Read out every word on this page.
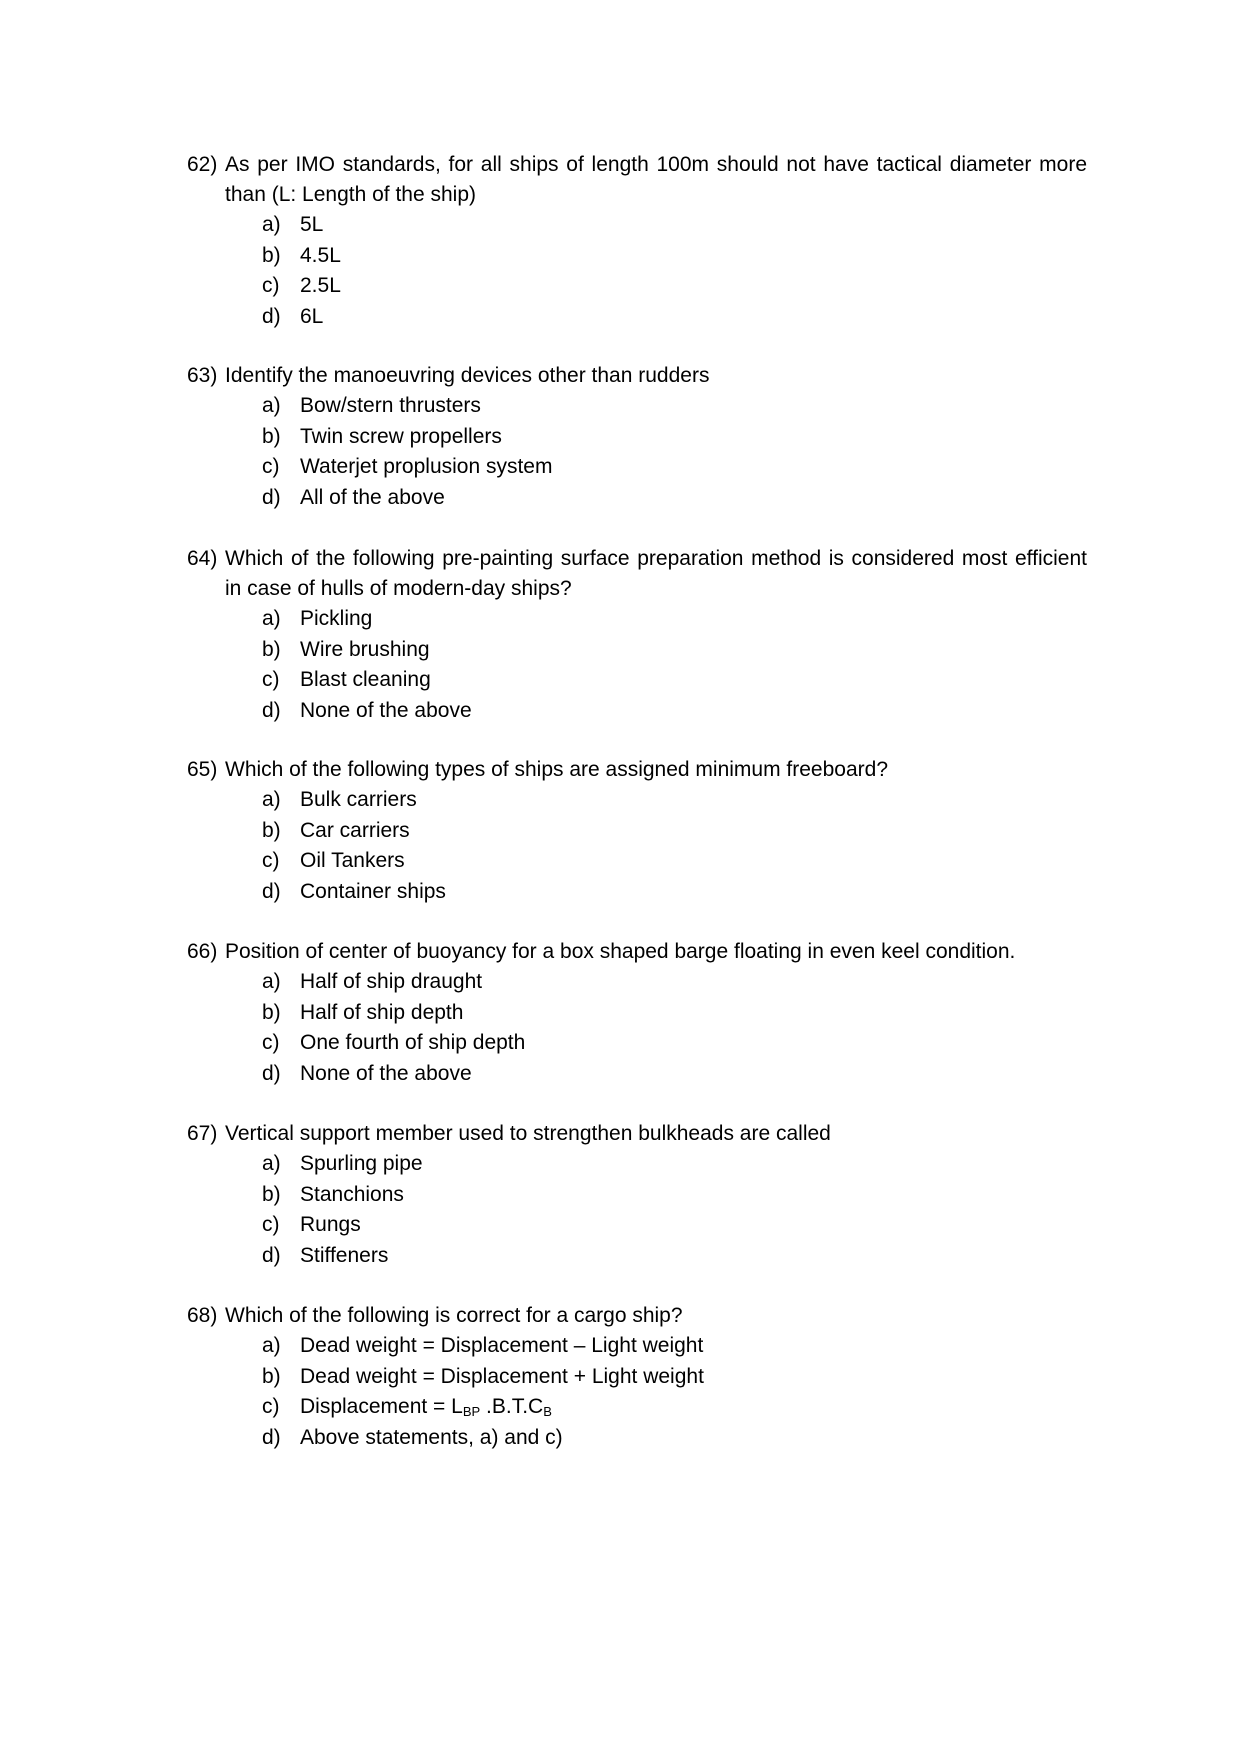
62) As per IMO standards, for all ships of length 100m should not have tactical diameter more than (L: Length of the ship)
a) 5L
b) 4.5L
c) 2.5L
d) 6L
63) Identify the manoeuvring devices other than rudders
a) Bow/stern thrusters
b) Twin screw propellers
c) Waterjet proplusion system
d) All of the above
64) Which of the following pre-painting surface preparation method is considered most efficient in case of hulls of modern-day ships?
a) Pickling
b) Wire brushing
c) Blast cleaning
d) None of the above
65) Which of the following types of ships are assigned minimum freeboard?
a) Bulk carriers
b) Car carriers
c) Oil Tankers
d) Container ships
66) Position of center of buoyancy for a box shaped barge floating in even keel condition.
a) Half of ship draught
b) Half of ship depth
c) One fourth of ship depth
d) None of the above
67) Vertical support member used to strengthen bulkheads are called
a) Spurling pipe
b) Stanchions
c) Rungs
d) Stiffeners
68) Which of the following is correct for a cargo ship?
a) Dead weight = Displacement – Light weight
b) Dead weight = Displacement + Light weight
c) Displacement = $L_{BP}$ $.B.T.C_B$
d) Above statements, a) and c)
